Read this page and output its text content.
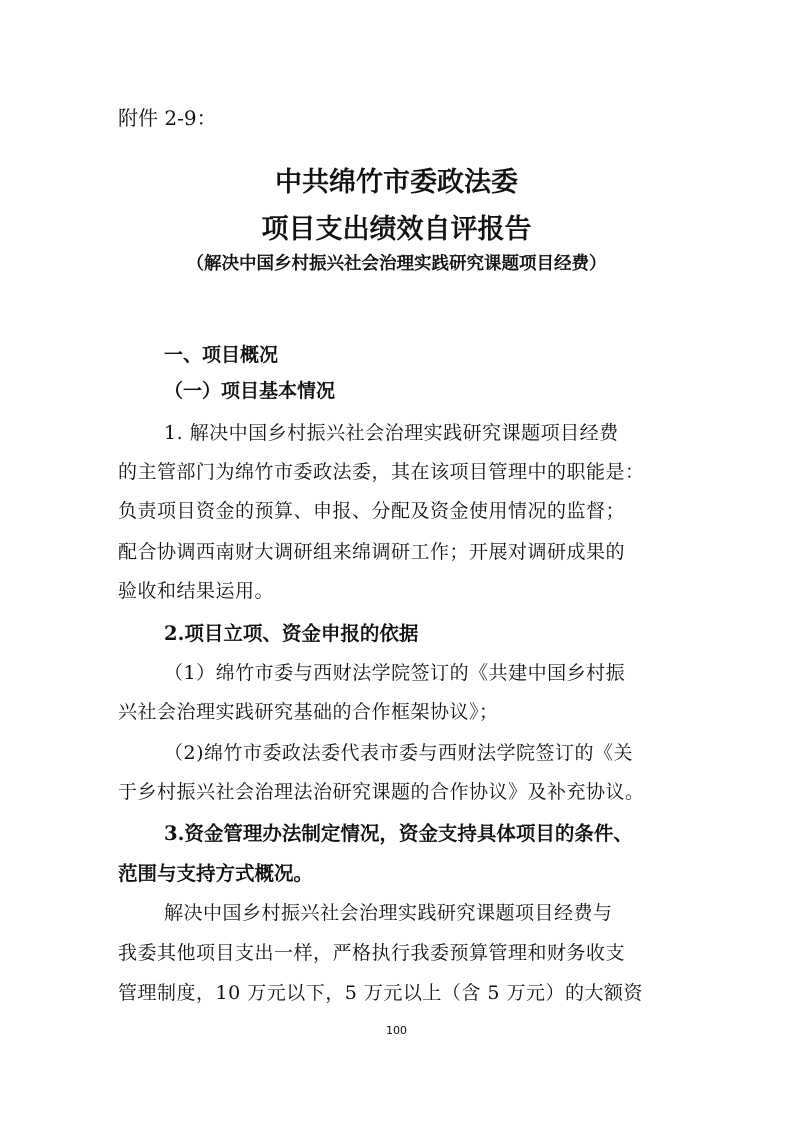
附件 2-9：
中共绵竹市委政法委
项目支出绩效自评报告
（解决中国乡村振兴社会治理实践研究课题项目经费）
一、项目概况
（一）项目基本情况
1. 解决中国乡村振兴社会治理实践研究课题项目经费
的主管部门为绵竹市委政法委，其在该项目管理中的职能是：
负责项目资金的预算、申报、分配及资金使用情况的监督；
配合协调西南财大调研组来绵调研工作；开展对调研成果的
验收和结果运用。
2.项目立项、资金申报的依据
（1）绵竹市委与西财法学院签订的《共建中国乡村振
兴社会治理实践研究基础的合作框架协议》；
（2)绵竹市委政法委代表市委与西财法学院签订的《关
于乡村振兴社会治理法治研究课题的合作协议》及补充协议。
3.资金管理办法制定情况，资金支持具体项目的条件、
范围与支持方式概况。
解决中国乡村振兴社会治理实践研究课题项目经费与
我委其他项目支出一样，严格执行我委预算管理和财务收支
管理制度，10 万元以下，5 万元以上（含 5 万元）的大额资
100
